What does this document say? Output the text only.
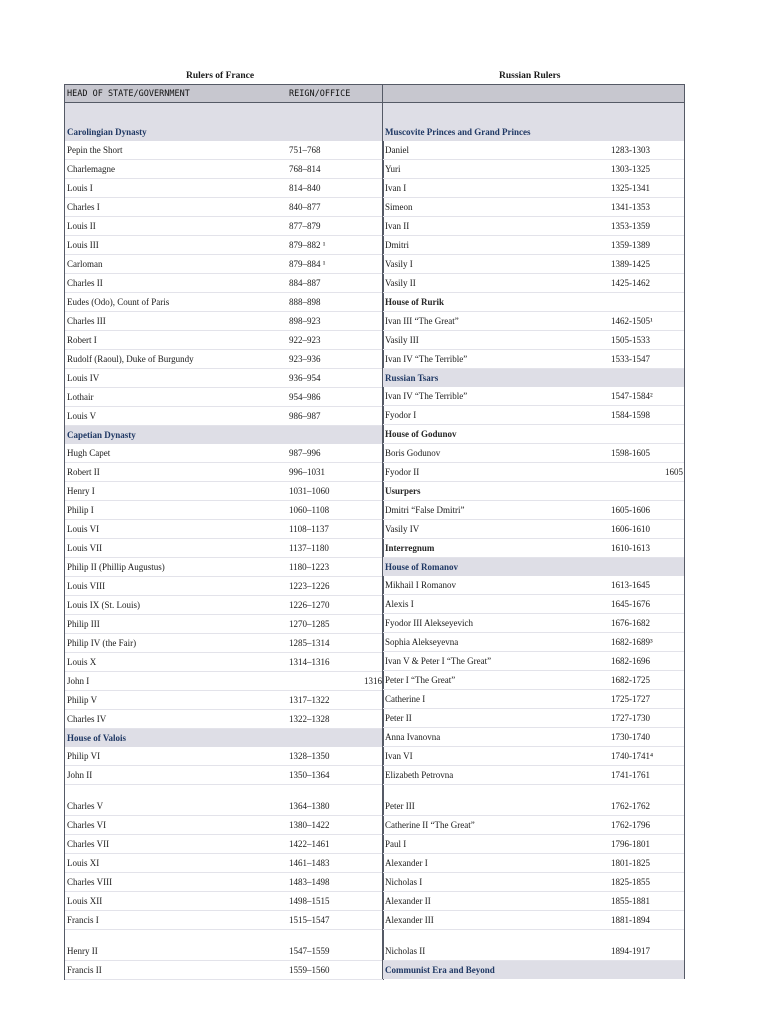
Rulers of France	Russian Rulers
HEAD OF STATE/GOVERNMENT	REIGN/OFFICE
Carolingian Dynasty
Pepin the Short	751–768
Charlemagne	768–814
Louis I	814–840
Charles I	840–877
Louis II	877–879
Louis III	879–882 ¹
Carloman	879–884 ¹
Charles II	884–887
Eudes (Odo), Count of Paris	888–898
Charles III	898–923
Robert I	922–923
Rudolf (Raoul), Duke of Burgundy	923–936
Louis IV	936–954
Lothair	954–986
Louis V	986–987
Capetian Dynasty
Hugh Capet	987–996
Robert II	996–1031
Henry I	1031–1060
Philip I	1060–1108
Louis VI	1108–1137
Louis VII	1137–1180
Philip II (Phillip Augustus)	1180–1223
Louis VIII	1223–1226
Louis IX (St. Louis)	1226–1270
Philip III	1270–1285
Philip IV (the Fair)	1285–1314
Louis X	1314–1316
John I	1316
Philip V	1317–1322
Charles IV	1322–1328
House of Valois
Philip VI	1328–1350
John II	1350–1364
Charles V	1364–1380
Charles VI	1380–1422
Charles VII	1422–1461
Louis XI	1461–1483
Charles VIII	1483–1498
Louis XII	1498–1515
Francis I	1515–1547
Henry II	1547–1559
Francis II	1559–1560
Muscovite Princes and Grand Princes
Daniel	1283-1303
Yuri	1303-1325
Ivan I	1325-1341
Simeon	1341-1353
Ivan II	1353-1359
Dmitri	1359-1389
Vasily I	1389-1425
Vasily II	1425-1462
House of Rurik
Ivan III “The Great”	1462-1505¹
Vasily III	1505-1533
Ivan IV “The Terrible”	1533-1547
Russian Tsars
Ivan IV “The Terrible”	1547-1584²
Fyodor I	1584-1598
House of Godunov
Boris Godunov	1598-1605
Fyodor II	1605
Usurpers
Dmitri “False Dmitri”	1605-1606
Vasily IV	1606-1610
Interregnum	1610-1613
House of Romanov
Mikhail I Romanov	1613-1645
Alexis I	1645-1676
Fyodor III Alekseyevich	1676-1682
Sophia Alekseyevna	1682-1689³
Ivan V & Peter I “The Great”	1682-1696
Peter I “The Great”	1682-1725
Catherine I	1725-1727
Peter II	1727-1730
Anna Ivanovna	1730-1740
Ivan VI	1740-1741⁴
Elizabeth Petrovna	1741-1761
Peter III	1762-1762
Catherine II “The Great”	1762-1796
Paul I	1796-1801
Alexander I	1801-1825
Nicholas I	1825-1855
Alexander II	1855-1881
Alexander III	1881-1894
Nicholas II	1894-1917
Communist Era and Beyond
